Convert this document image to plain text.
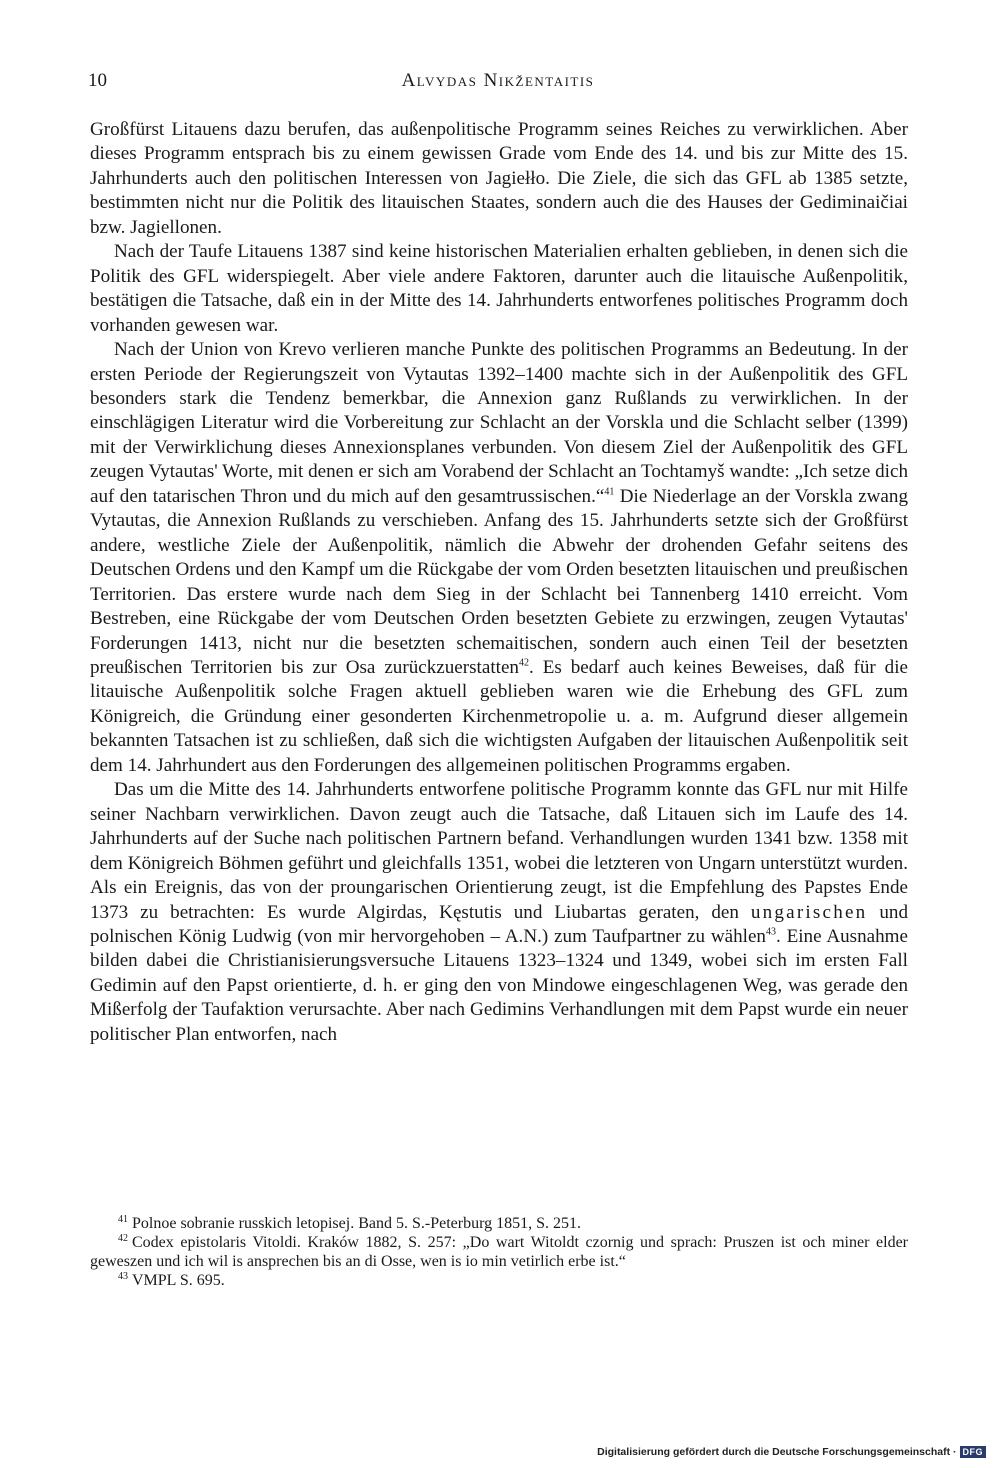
10	Alvydas Nikžentaitis

Großfürst Litauens dazu berufen, das außenpolitische Programm seines Reiches zu verwirklichen. Aber dieses Programm entsprach bis zu einem gewissen Grade vom Ende des 14. und bis zur Mitte des 15. Jahrhunderts auch den politischen Interessen von Jagiełło. Die Ziele, die sich das GFL ab 1385 setzte, bestimmten nicht nur die Politik des litauischen Staates, sondern auch die des Hauses der Gediminaičiai bzw. Jagiellonen.

Nach der Taufe Litauens 1387 sind keine historischen Materialien erhalten geblieben, in denen sich die Politik des GFL widerspiegelt. Aber viele andere Faktoren, darunter auch die litauische Außenpolitik, bestätigen die Tatsache, daß ein in der Mitte des 14. Jahrhunderts entworfenes politisches Programm doch vorhanden gewesen war.

Nach der Union von Krevo verlieren manche Punkte des politischen Programms an Bedeutung. In der ersten Periode der Regierungszeit von Vytautas 1392–1400 machte sich in der Außenpolitik des GFL besonders stark die Tendenz bemerkbar, die Annexion ganz Rußlands zu verwirklichen. In der einschlägigen Literatur wird die Vorbereitung zur Schlacht an der Vorskla und die Schlacht selber (1399) mit der Verwirklichung dieses Annexionsplanes verbunden. Von diesem Ziel der Außenpolitik des GFL zeugen Vytautas' Worte, mit denen er sich am Vorabend der Schlacht an Tochtamyš wandte: „Ich setze dich auf den tatarischen Thron und du mich auf den gesamtrussischen.“$^{41}$ Die Niederlage an der Vorskla zwang Vytautas, die Annexion Rußlands zu verschieben. Anfang des 15. Jahrhunderts setzte sich der Großfürst andere, westliche Ziele der Außenpolitik, nämlich die Abwehr der drohenden Gefahr seitens des Deutschen Ordens und den Kampf um die Rückgabe der vom Orden besetzten litauischen und preußischen Territorien. Das erstere wurde nach dem Sieg in der Schlacht bei Tannenberg 1410 erreicht. Vom Bestreben, eine Rückgabe der vom Deutschen Orden besetzten Gebiete zu erzwingen, zeugen Vytautas' Forderungen 1413, nicht nur die besetzten schemaitischen, sondern auch einen Teil der besetzten preußischen Territorien bis zur Osa zurückzuerstatten$^{42}$. Es bedarf auch keines Beweises, daß für die litauische Außenpolitik solche Fragen aktuell geblieben waren wie die Erhebung des GFL zum Königreich, die Gründung einer gesonderten Kirchenmetropolie u. a. m. Aufgrund dieser allgemein bekannten Tatsachen ist zu schließen, daß sich die wichtigsten Aufgaben der litauischen Außenpolitik seit dem 14. Jahrhundert aus den Forderungen des allgemeinen politischen Programms ergaben.

Das um die Mitte des 14. Jahrhunderts entworfene politische Programm konnte das GFL nur mit Hilfe seiner Nachbarn verwirklichen. Davon zeugt auch die Tatsache, daß Litauen sich im Laufe des 14. Jahrhunderts auf der Suche nach politischen Partnern befand. Verhandlungen wurden 1341 bzw. 1358 mit dem Königreich Böhmen geführt und gleichfalls 1351, wobei die letzteren von Ungarn unterstützt wurden. Als ein Ereignis, das von der proungarischen Orientierung zeugt, ist die Empfehlung des Papstes Ende 1373 zu betrachten: Es wurde Algirdas, Kęstutis und Liubartas geraten, den ungarischen und polnischen König Ludwig (von mir hervorgehoben – A.N.) zum Taufpartner zu wählen$^{43}$. Eine Ausnahme bilden dabei die Christianisierungsversuche Litauens 1323–1324 und 1349, wobei sich im ersten Fall Gedimin auf den Papst orientierte, d. h. er ging den von Mindowe eingeschlagenen Weg, was gerade den Mißerfolg der Taufaktion verursachte. Aber nach Gedimins Verhandlungen mit dem Papst wurde ein neuer politischer Plan entworfen, nach

$^{41}$ Polnoe sobranie russkich letopisej. Band 5. S.-Peterburg 1851, S. 251.

$^{42}$ Codex epistolaris Vitoldi. Kraków 1882, S. 257: „Do wart Witoldt czornig und sprach: Pruszen ist och miner elder geweszen und ich wil is ansprechen bis an di Osse, wen is io min vetirlich erbe ist.“

$^{43}$ VMPL S. 695.

Digitalisierung gefördert durch die Deutsche Forschungsgemeinschaft · DFG
